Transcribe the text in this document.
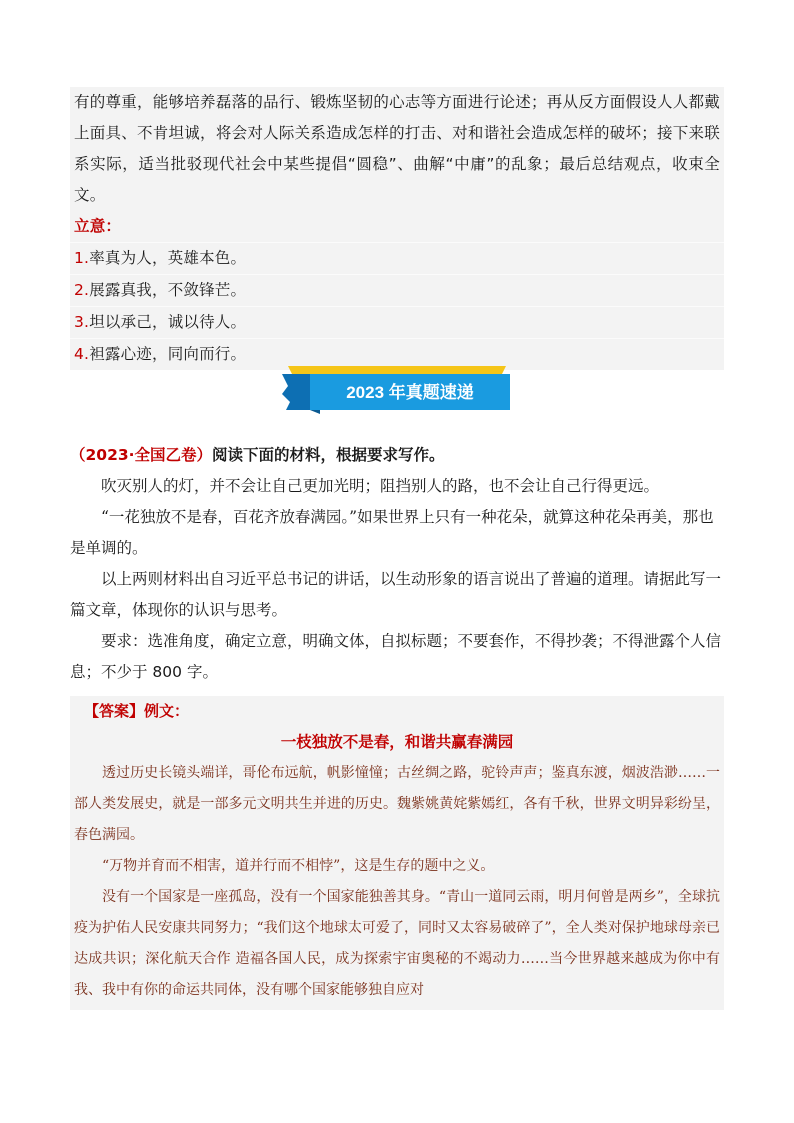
有的尊重，能够培养磊落的品行、锻炼坚韧的心志等方面进行论述；再从反方面假设人人都戴上面具、不肯坦诚，将会对人际关系造成怎样的打击、对和谐社会造成怎样的破坏；接下来联系实际，适当批驳现代社会中某些提倡“圆稳”、曲解“中庸”的乱象；最后总结观点，收束全文。

立意：

1.率真为人，英雄本色。

2.展露真我，不敛锋芒。

3.坦以承己，诚以待人。

4.袒露心迹，同向而行。

2023 年真题速递

（2023·全国乙卷）阅读下面的材料，根据要求写作。

吹灭别人的灯，并不会让自己更加光明；阻挡别人的路，也不会让自己行得更远。

“一花独放不是春，百花齐放春满园。”如果世界上只有一种花朵，就算这种花朵再美，那也是单调的。

以上两则材料出自习近平总书记的讲话，以生动形象的语言说出了普遍的道理。请据此写一篇文章，体现你的认识与思考。

要求：选准角度，确定立意，明确文体，自拟标题；不要套作，不得抄袭；不得泄露个人信息；不少于 800 字。

【答案】例文：

一枝独放不是春，和谐共赢春满园

透过历史长镜头端详，哥伦布远航，帆影憧憧；古丝绸之路，驼铃声声；鉴真东渡，烟波浩渺……一部人类发展史，就是一部多元文明共生并进的历史。魏紫姚黄姹紫嫣红，各有千秋，世界文明异彩纷呈，春色满园。

“万物并育而不相害，道并行而不相悖”，这是生存的题中之义。

没有一个国家是一座孤岛，没有一个国家能独善其身。“青山一道同云雨，明月何曾是两乡”，全球抗疫为护佑人民安康共同努力；“我们这个地球太可爱了，同时又太容易破碎了”，全人类对保护地球母亲已达成共识；深化航天合作 造福各国人民，成为探索宇宙奥秘的不竭动力……当今世界越来越成为你中有我、我中有你的命运共同体，没有哪个国家能够独自应对
